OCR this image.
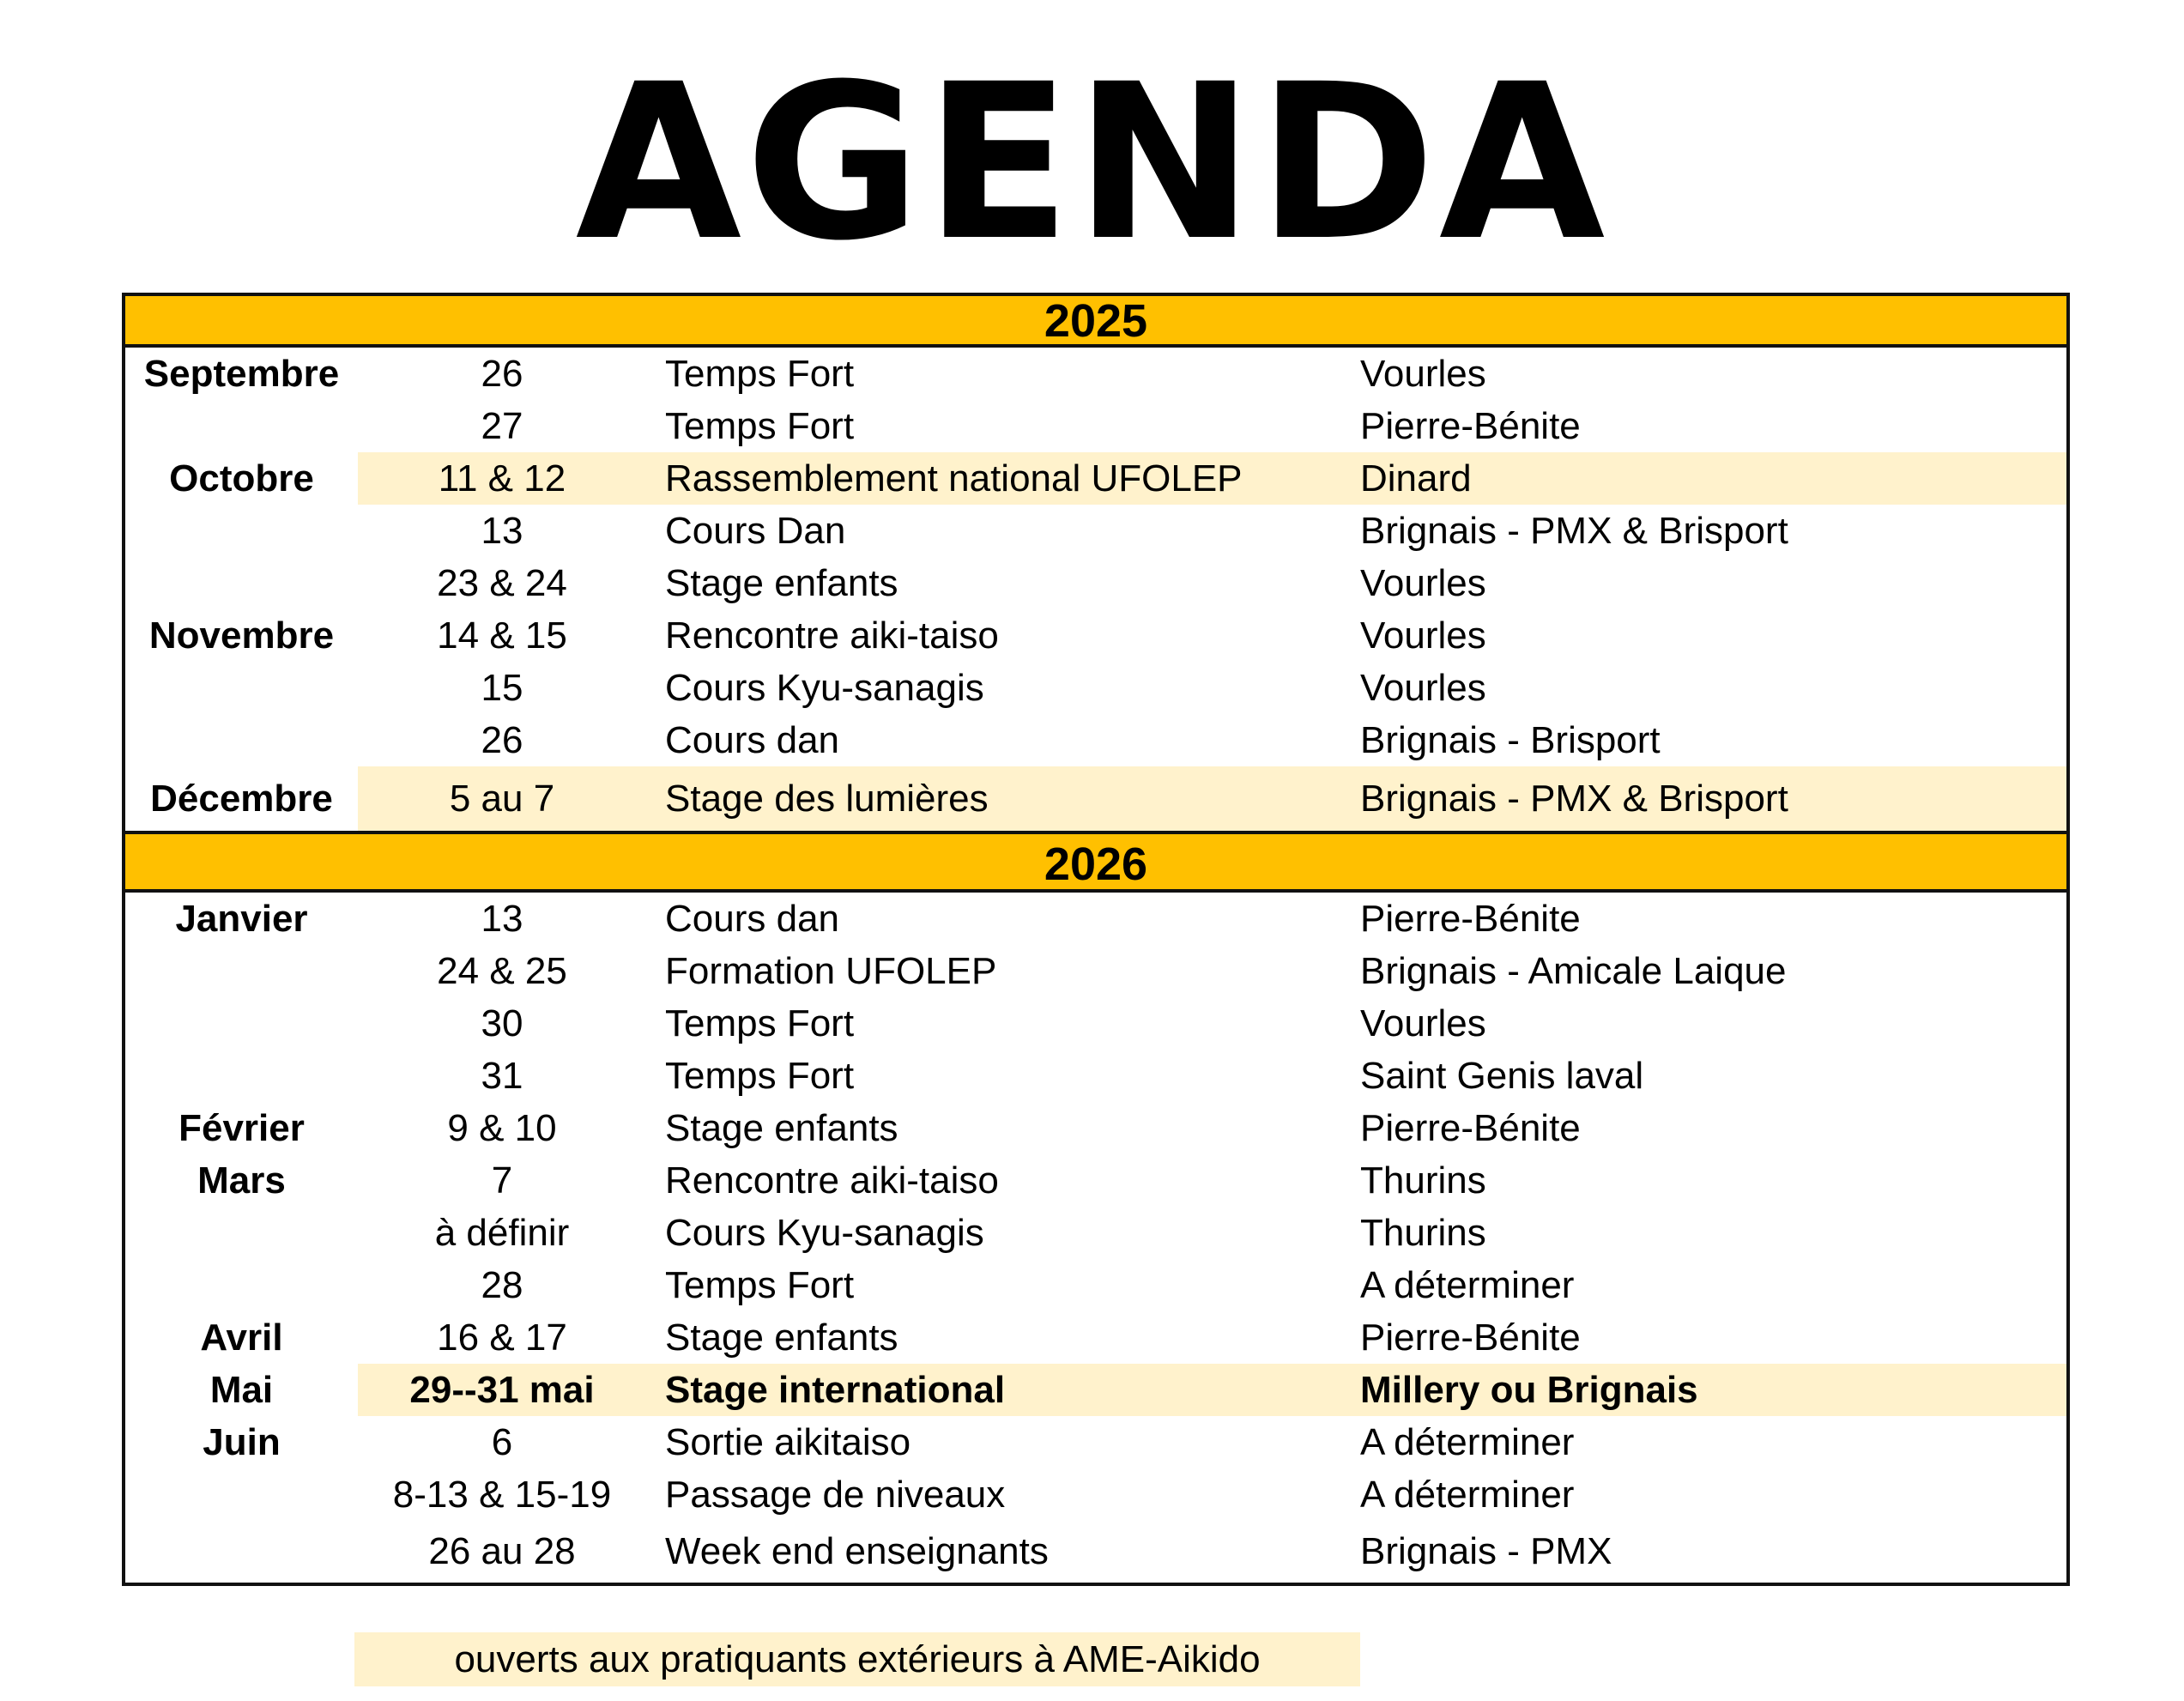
AGENDA
2025
Septembre	26	Temps Fort	Vourles
27	Temps Fort	Pierre-Bénite
Octobre	11 & 12	Rassemblement national UFOLEP	Dinard
13	Cours Dan	Brignais - PMX & Brisport
23 & 24	Stage enfants	Vourles
Novembre	14 & 15	Rencontre aiki-taiso	Vourles
15	Cours Kyu-sanagis	Vourles
26	Cours dan	Brignais - Brisport
Décembre	5 au 7	Stage des lumières	Brignais - PMX & Brisport
2026
Janvier	13	Cours dan	Pierre-Bénite
24 & 25	Formation UFOLEP	Brignais - Amicale Laique
30	Temps Fort	Vourles
31	Temps Fort	Saint Genis laval
Février	9 & 10	Stage enfants	Pierre-Bénite
Mars	7	Rencontre aiki-taiso	Thurins
à définir	Cours Kyu-sanagis	Thurins
28	Temps Fort	A déterminer
Avril	16 & 17	Stage enfants	Pierre-Bénite
Mai	29--31 mai	Stage international	Millery ou Brignais
Juin	6	Sortie aikitaiso	A déterminer
8-13 & 15-19	Passage de niveaux	A déterminer
26 au 28	Week end enseignants	Brignais - PMX
ouverts aux pratiquants extérieurs à AME-Aikido
